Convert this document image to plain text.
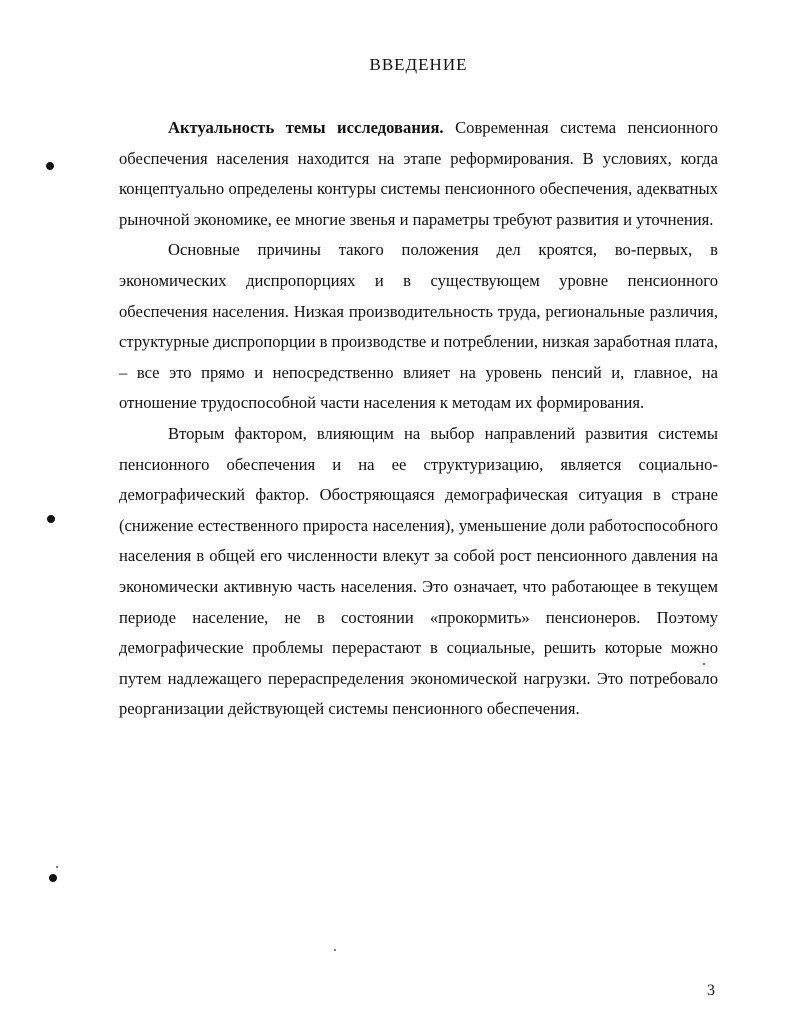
ВВЕДЕНИЕ

Актуальность темы исследования. Современная система пенсионного обеспечения населения находится на этапе реформирования. В условиях, когда концептуально определены контуры системы пенсионного обеспечения, адекватных рыночной экономике, ее многие звенья и параметры требуют развития и уточнения.

Основные причины такого положения дел кроятся, во-первых, в экономических диспропорциях и в существующем уровне пенсионного обеспечения населения. Низкая производительность труда, региональные различия, структурные диспропорции в производстве и потреблении, низкая заработная плата, – все это прямо и непосредственно влияет на уровень пенсий и, главное, на отношение трудоспособной части населения к методам их формирования.

Вторым фактором, влияющим на выбор направлений развития системы пенсионного обеспечения и на ее структуризацию, является социально-демографический фактор. Обостряющаяся демографическая ситуация в стране (снижение естественного прироста населения), уменьшение доли работоспособного населения в общей его численности влекут за собой рост пенсионного давления на экономически активную часть населения. Это означает, что работающее в текущем периоде население, не в состоянии «прокормить» пенсионеров. Поэтому демографические проблемы перерастают в социальные, решить которые можно путем надлежащего перераспределения экономической нагрузки. Это потребовало реорганизации действующей системы пенсионного обеспечения.

3
